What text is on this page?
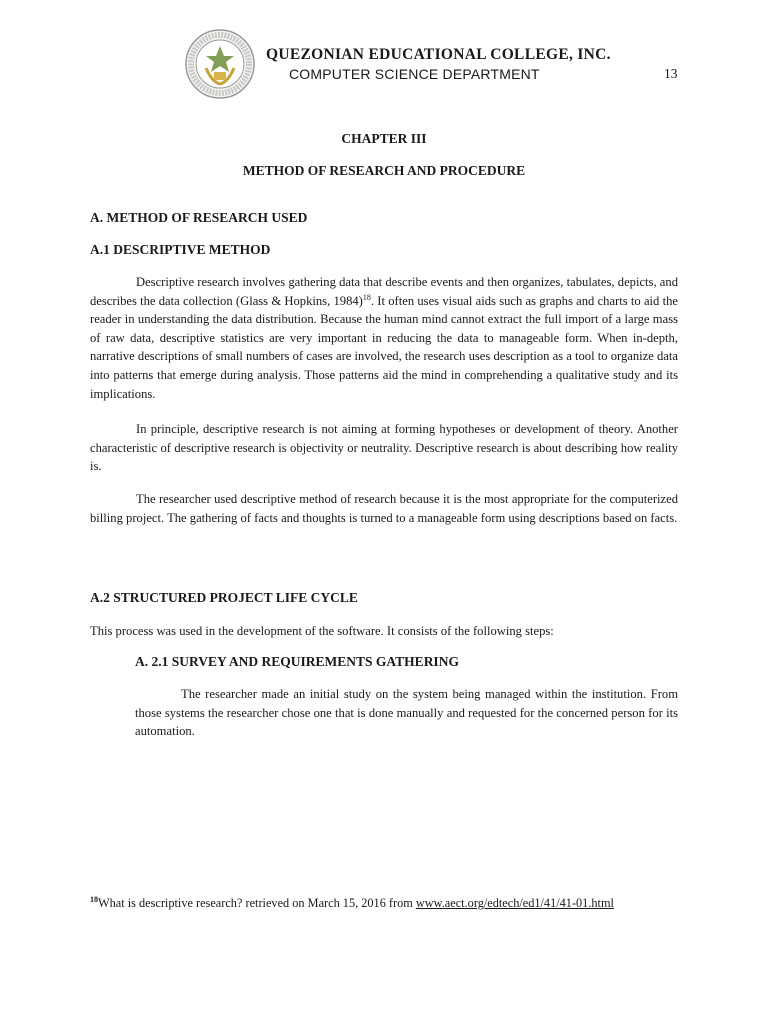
QUEZONIAN EDUCATIONAL COLLEGE, INC.
COMPUTER SCIENCE DEPARTMENT	13
CHAPTER III
METHOD OF RESEARCH AND PROCEDURE
A. METHOD OF RESEARCH USED
A.1 DESCRIPTIVE METHOD

Descriptive research involves gathering data that describe events and then organizes, tabulates, depicts, and describes the data collection (Glass & Hopkins, 1984)$^{18}$. It often uses visual aids such as graphs and charts to aid the reader in understanding the data distribution. Because the human mind cannot extract the full import of a large mass of raw data, descriptive statistics are very important in reducing the data to manageable form. When in-depth, narrative descriptions of small numbers of cases are involved, the research uses description as a tool to organize data into patterns that emerge during analysis. Those patterns aid the mind in comprehending a qualitative study and its implications.

In principle, descriptive research is not aiming at forming hypotheses or development of theory. Another characteristic of descriptive research is objectivity or neutrality. Descriptive research is about describing how reality is.

The researcher used descriptive method of research because it is the most appropriate for the computerized billing project. The gathering of facts and thoughts is turned to a manageable form using descriptions based on facts.

A.2 STRUCTURED PROJECT LIFE CYCLE

This process was used in the development of the software. It consists of the following steps:

A. 2.1 SURVEY AND REQUIREMENTS GATHERING

The researcher made an initial study on the system being managed within the institution. From those systems the researcher chose one that is done manually and requested for the concerned person for its automation.

$^{18}$What is descriptive research? retrieved on March 15, 2016 from www.aect.org/edtech/ed1/41/41-01.html
